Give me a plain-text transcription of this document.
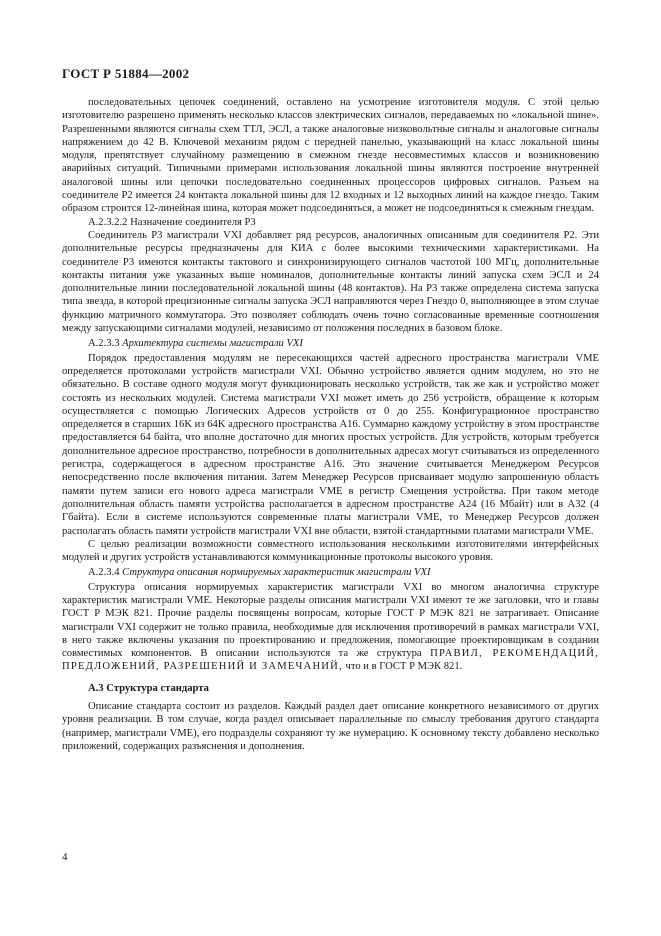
ГОСТ Р 51884—2002

последовательных цепочек соединений, оставлено на усмотрение изготовителя модуля. С этой целью изготовителю разрешено применять несколько классов электрических сигналов, передаваемых по «локальной шине». Разрешенными являются сигналы схем ТТЛ, ЭСЛ, а также аналоговые низковольтные сигналы и аналоговые сигналы напряжением до 42 В. Ключевой механизм рядом с передней панелью, указывающий на класс локальной шины модуля, препятствует случайному размещению в смежном гнезде несовместимых классов и возникновению аварийных ситуаций. Типичными примерами использования локальной шины являются построение внутренней аналоговой шины или цепочки последовательно соединенных процессоров цифровых сигналов. Разъем на соединителе Р2 имеется 24 контакта локальной шины для 12 входных и 12 выходных линий на каждое гнездо. Таким образом строится 12-линейная шина, которая может подсоединяться, а может не подсоединяться к смежным гнездам.

А.2.3.2.2 Назначение соединителя Р3

Соединитель Р3 магистрали VXI добавляет ряд ресурсов, аналогичных описанным для соединителя Р2. Эти дополнительные ресурсы предназначены для КИА с более высокими техническими характеристиками. На соединителе Р3 имеются контакты тактового и синхронизирующего сигналов частотой 100 МГц, дополнительные контакты питания уже указанных выше номиналов, дополнительные контакты линий запуска схем ЭСЛ и 24 дополнительные линии последовательной локальной шины (48 контактов). На Р3 также определена система запуска типа звезда, в которой прецизионные сигналы запуска ЭСЛ направляются через Гнездо 0, выполняющее в этом случае функцию матричного коммутатора. Это позволяет соблюдать очень точно согласованные временные соотношения между запускающими сигналами модулей, независимо от положения последних в базовом блоке.

А.2.3.3 Архитектура системы магистрали VXI

Порядок предоставления модулям не пересекающихся частей адресного пространства магистрали VME определяется протоколами устройств магистрали VXI. Обычно устройство является одним модулем, но это не обязательно. В составе одного модуля могут функционировать несколько устройств, так же как и устройство может состоять из нескольких модулей. Система магистрали VXI может иметь до 256 устройств, обращение к которым осуществляется с помощью Логических Адресов устройств от 0 до 255. Конфигурационное пространство определяется в старших 16K из 64K адресного пространства А16. Суммарно каждому устройству в этом пространстве предоставляется 64 байта, что вполне достаточно для многих простых устройств. Для устройств, которым требуется дополнительное адресное пространство, потребности в дополнительных адресах могут считываться из определенного регистра, содержащегося в адресном пространстве А16. Это значение считывается Менеджером Ресурсов непосредственно после включения питания. Затем Менеджер Ресурсов присваивает модулю запрошенную область памяти путем записи его нового адреса магистрали VME в регистр Смещения устройства. При таком методе дополнительная область памяти устройства располагается в адресном пространстве А24 (16 Мбайт) или в А32 (4 Гбайта). Если в системе используются современные платы магистрали VME, то Менеджер Ресурсов должен располагать область памяти устройств магистрали VXI вне области, взятой стандартными платами магистрали VME.

С целью реализации возможности совместного использования несколькими изготовителями интерфейсных модулей и других устройств устанавливаются коммуникационные протоколы высокого уровня.

А.2.3.4 Структура описания нормируемых характеристик магистрали VXI

Структура описания нормируемых характеристик магистрали VXI во многом аналогична структуре характеристик магистрали VME. Некоторые разделы описания магистрали VXI имеют те же заголовки, что и главы ГОСТ Р МЭК 821. Прочие разделы посвящены вопросам, которые ГОСТ Р МЭК 821 не затрагивает. Описание магистрали VXI содержит не только правила, необходимые для исключения противоречий в рамках магистрали VXI, в него также включены указания по проектированию и предложения, помогающие проектировщикам в создании совместимых компонентов. В описании используются та же структура ПРАВИЛ, РЕКОМЕНДАЦИЙ, ПРЕДЛОЖЕНИЙ, РАЗРЕШЕНИЙ И ЗАМЕЧАНИЙ, что и в ГОСТ Р МЭК 821.

А.3 Структура стандарта

Описание стандарта состоит из разделов. Каждый раздел дает описание конкретного независимого от других уровня реализации. В том случае, когда раздел описывает параллельные по смыслу требования другого стандарта (например, магистрали VME), его подразделы сохраняют ту же нумерацию. К основному тексту добавлено несколько приложений, содержащих разъяснения и дополнения.

4
